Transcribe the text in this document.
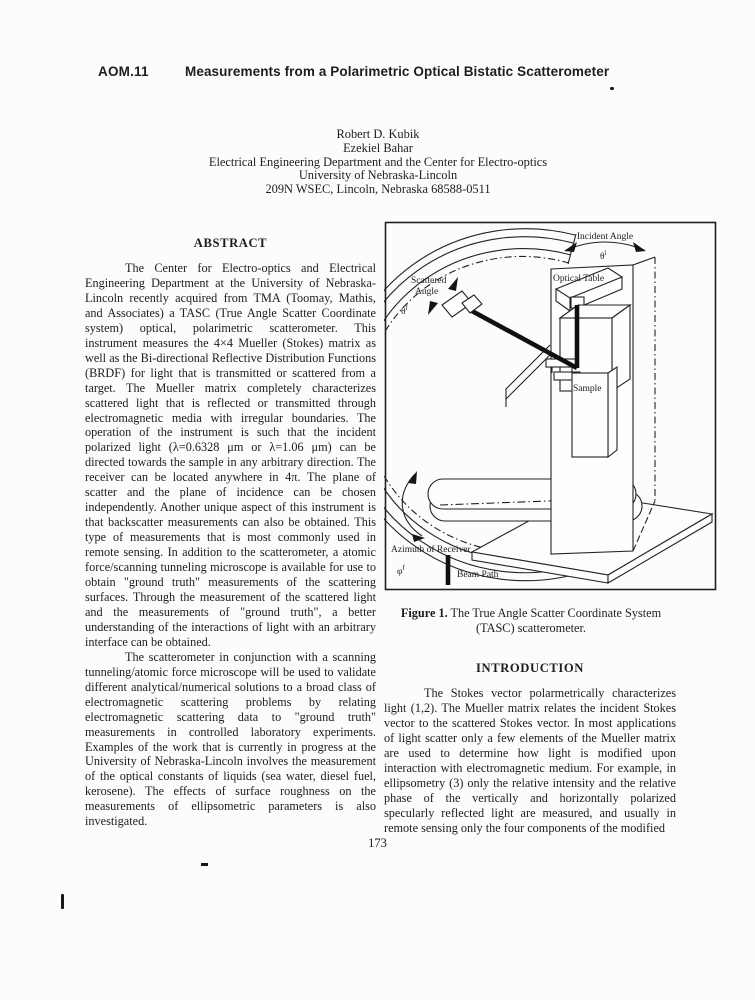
AOM.11	Measurements from a Polarimetric Optical Bistatic Scatterometer
Robert D. Kubik
Ezekiel Bahar
Electrical Engineering Department and the Center for Electro-optics
University of Nebraska-Lincoln
209N WSEC, Lincoln, Nebraska 68588-0511
ABSTRACT

The Center for Electro-optics and Electrical Engineering Department at the University of Nebraska-Lincoln recently acquired from TMA (Toomay, Mathis, and Associates) a TASC (True Angle Scatter Coordinate system) optical, polarimetric scatterometer. This instrument measures the 4×4 Mueller (Stokes) matrix as well as the Bi-directional Reflective Distribution Functions (BRDF) for light that is transmitted or scattered from a target. The Mueller matrix completely characterizes scattered light that is reflected or transmitted through electromagnetic media with irregular boundaries. The operation of the instrument is such that the incident polarized light (λ=0.6328 μm or λ=1.06 μm) can be directed towards the sample in any arbitrary direction. The receiver can be located anywhere in 4π. The plane of scatter and the plane of incidence can be chosen independently. Another unique aspect of this instrument is that backscatter measurements can also be obtained. This type of measurements that is most commonly used in remote sensing. In addition to the scatterometer, a atomic force/scanning tunneling microscope is available for use to obtain "ground truth" measurements of the scattering surfaces. Through the measurement of the scattered light and the measurements of "ground truth", a better understanding of the interactions of light with an arbitrary interface can be obtained.

The scatterometer in conjunction with a scanning tunneling/atomic force microscope will be used to validate different analytical/numerical solutions to a broad class of electromagnetic scattering problems by relating electromagnetic scattering data to "ground truth" measurements in controlled laboratory experiments. Examples of the work that is currently in progress at the University of Nebraska-Lincoln involves the measurement of the optical constants of liquids (sea water, diesel fuel, kerosene). The effects of surface roughness on the measurements of ellipsometric parameters is also investigated.

Incident Angle
$\theta^i$
Scattered
Angle
$\theta^f$
Optical Table
Sample
Azimuth of Receiver
$\varphi^f$
Beam Path
Figure 1. The True Angle Scatter Coordinate System
(TASC) scatterometer.
INTRODUCTION

The Stokes vector polarmetrically characterizes light (1,2). The Mueller matrix relates the incident Stokes vector to the scattered Stokes vector. In most applications of light scatter only a few elements of the Mueller matrix are used to determine how light is modified upon interaction with electromagnetic medium. For example, in ellipsometry (3) only the relative intensity and the relative phase of the vertically and horizontally polarized specularly reflected light are measured, and usually in remote sensing only the four components of the modified

173
